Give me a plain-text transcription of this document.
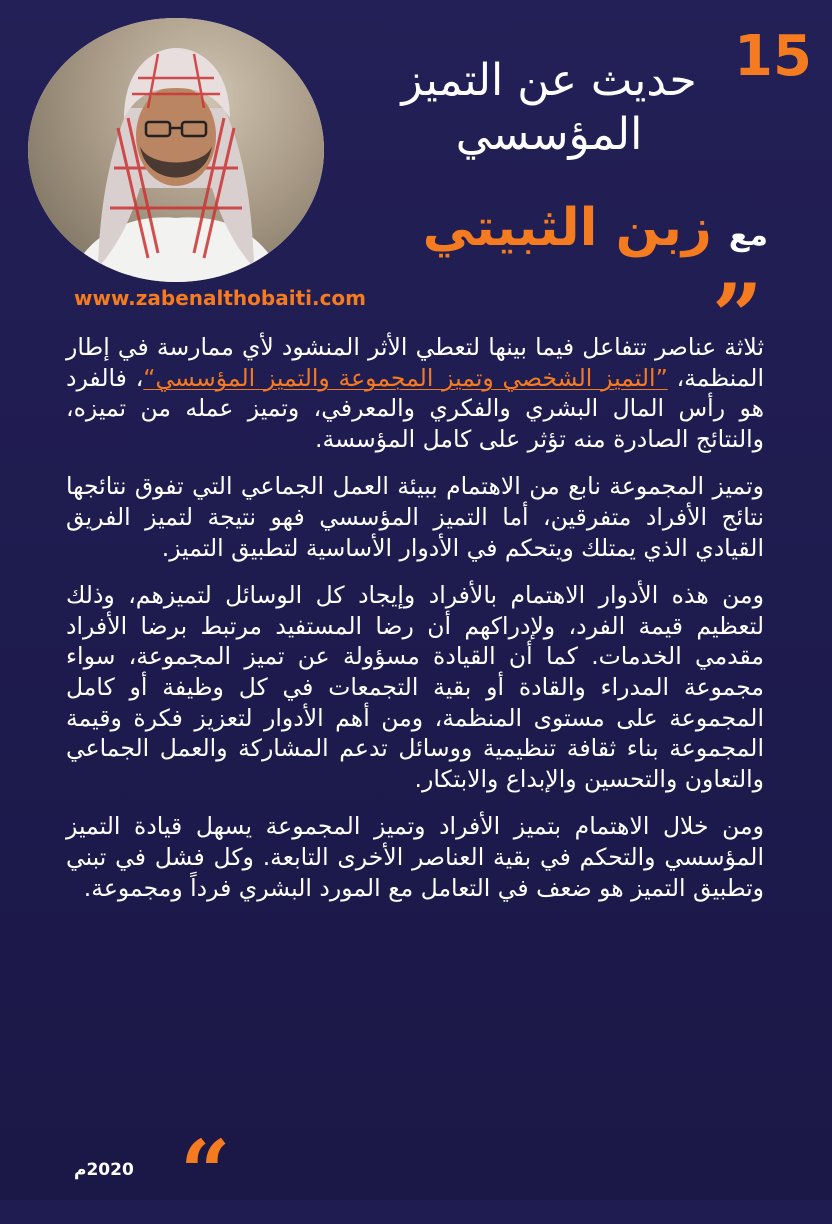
15
حديث عن التميز
المؤسسي
مع زبن الثبيتي
www.zabenalthobaiti.com	”

ثلاثة عناصر تتفاعل فيما بينها لتعطي الأثر المنشود لأي ممارسة في إطار المنظمة، ”التميز الشخصي وتميز المجموعة والتميز المؤسسي“، فالفرد هو رأس المال البشري والفكري والمعرفي، وتميز عمله من تميزه، والنتائج الصادرة منه تؤثر على كامل المؤسسة.

وتميز المجموعة نابع من الاهتمام ببيئة العمل الجماعي التي تفوق نتائجها نتائج الأفراد متفرقين، أما التميز المؤسسي فهو نتيجة لتميز الفريق القيادي الذي يمتلك ويتحكم في الأدوار الأساسية لتطبيق التميز.

ومن هذه الأدوار الاهتمام بالأفراد وإيجاد كل الوسائل لتميزهم، وذلك لتعظيم قيمة الفرد، ولإدراكهم أن رضا المستفيد مرتبط برضا الأفراد مقدمي الخدمات. كما أن القيادة مسؤولة عن تميز المجموعة، سواء مجموعة المدراء والقادة أو بقية التجمعات في كل وظيفة أو كامل المجموعة على مستوى المنظمة، ومن أهم الأدوار لتعزيز فكرة وقيمة المجموعة بناء ثقافة تنظيمية ووسائل تدعم المشاركة والعمل الجماعي والتعاون والتحسين والإبداع والابتكار.

ومن خلال الاهتمام بتميز الأفراد وتميز المجموعة يسهل قيادة التميز المؤسسي والتحكم في بقية العناصر الأخرى التابعة. وكل فشل في تبني وتطبيق التميز هو ضعف في التعامل مع المورد البشري فرداً ومجموعة.

“
2020م
